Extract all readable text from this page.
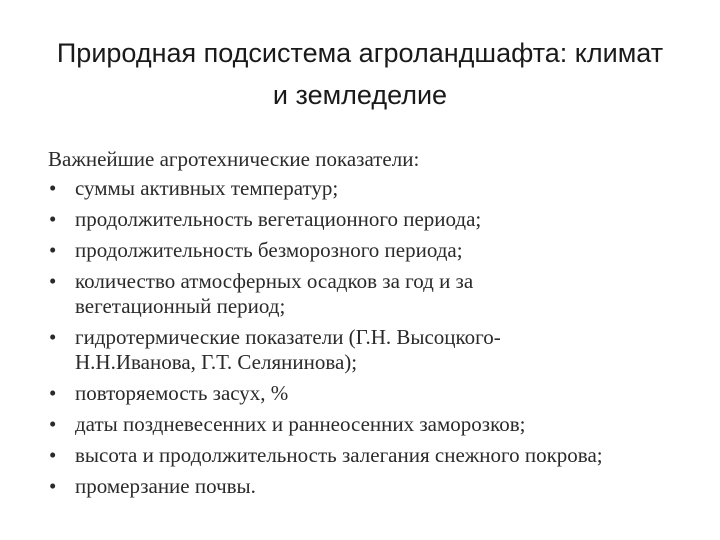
Природная подсистема агроландшафта: климат
и земледелие
Важнейшие агротехнические показатели:
• суммы активных температур;
• продолжительность вегетационного периода;
• продолжительность безморозного периода;
• количество атмосферных осадков за год и за
вегетационный период;
• гидротермические показатели (Г.Н. Высоцкого-
Н.Н.Иванова, Г.Т. Селянинова);
• повторяемость засух, %
• даты поздневесенних и раннеосенних заморозков;
• высота и продолжительность залегания снежного покрова;
• промерзание почвы.
